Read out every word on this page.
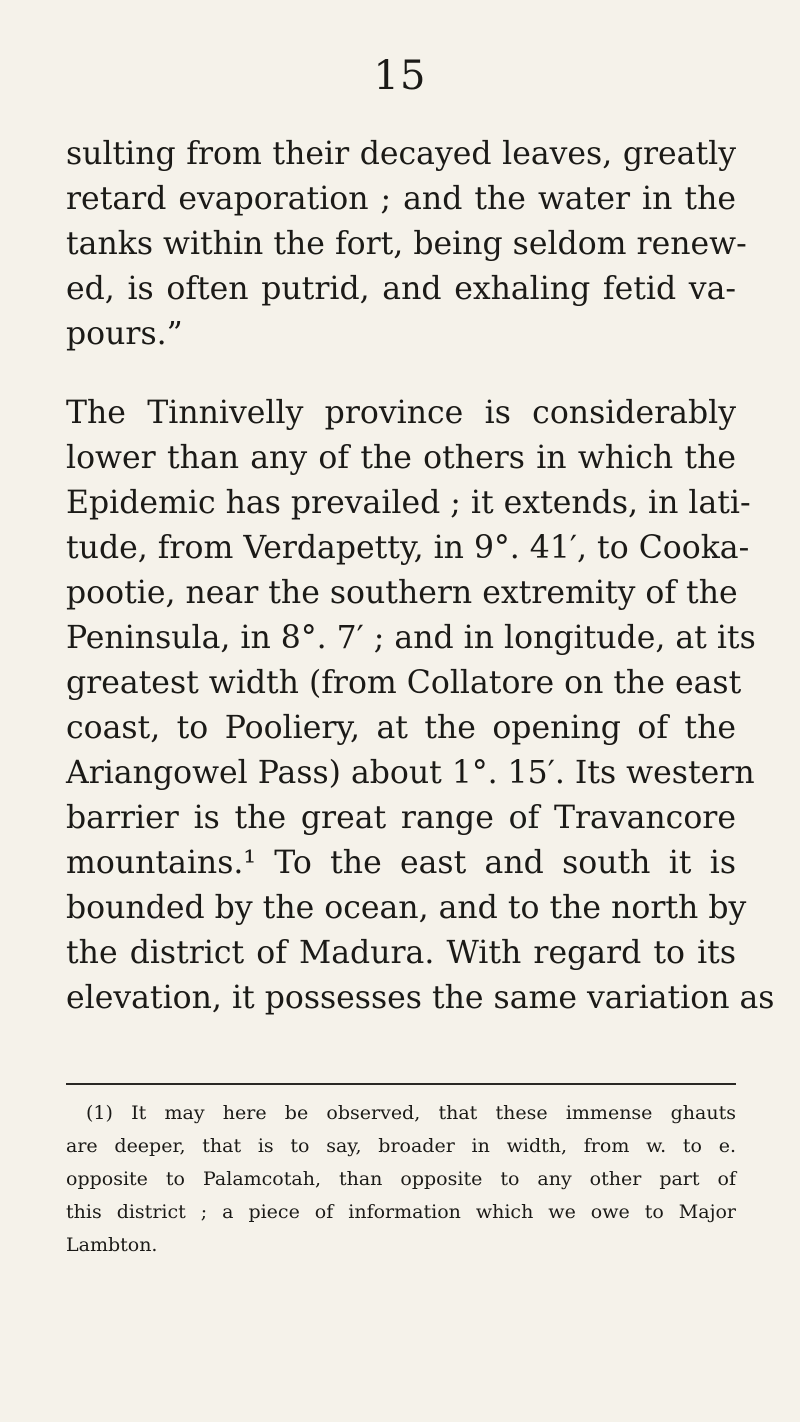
15
sulting from their decayed leaves, greatly
retard evaporation ; and the water in the
tanks within the fort, being seldom renew-
ed, is often putrid, and exhaling fetid va-
pours.”
The Tinnivelly province is considerably
lower than any of the others in which the
Epidemic has prevailed ; it extends, in lati-
tude, from Verdapetty, in 9°. 41′, to Cooka-
pootie, near the southern extremity of the
Peninsula, in 8°. 7′ ; and in longitude, at its
greatest width (from Collatore on the east
coast, to Pooliery, at the opening of the
Ariangowel Pass) about 1°. 15′. Its western
barrier is the great range of Travancore
mountains.¹ To the east and south it is
bounded by the ocean, and to the north by
the district of Madura. With regard to its
elevation, it possesses the same variation as
(1) It may here be observed, that these immense ghauts
are deeper, that is to say, broader in width, from w. to e.
opposite to Palamcotah, than opposite to any other part of
this district ; a piece of information which we owe to Major
Lambton.
